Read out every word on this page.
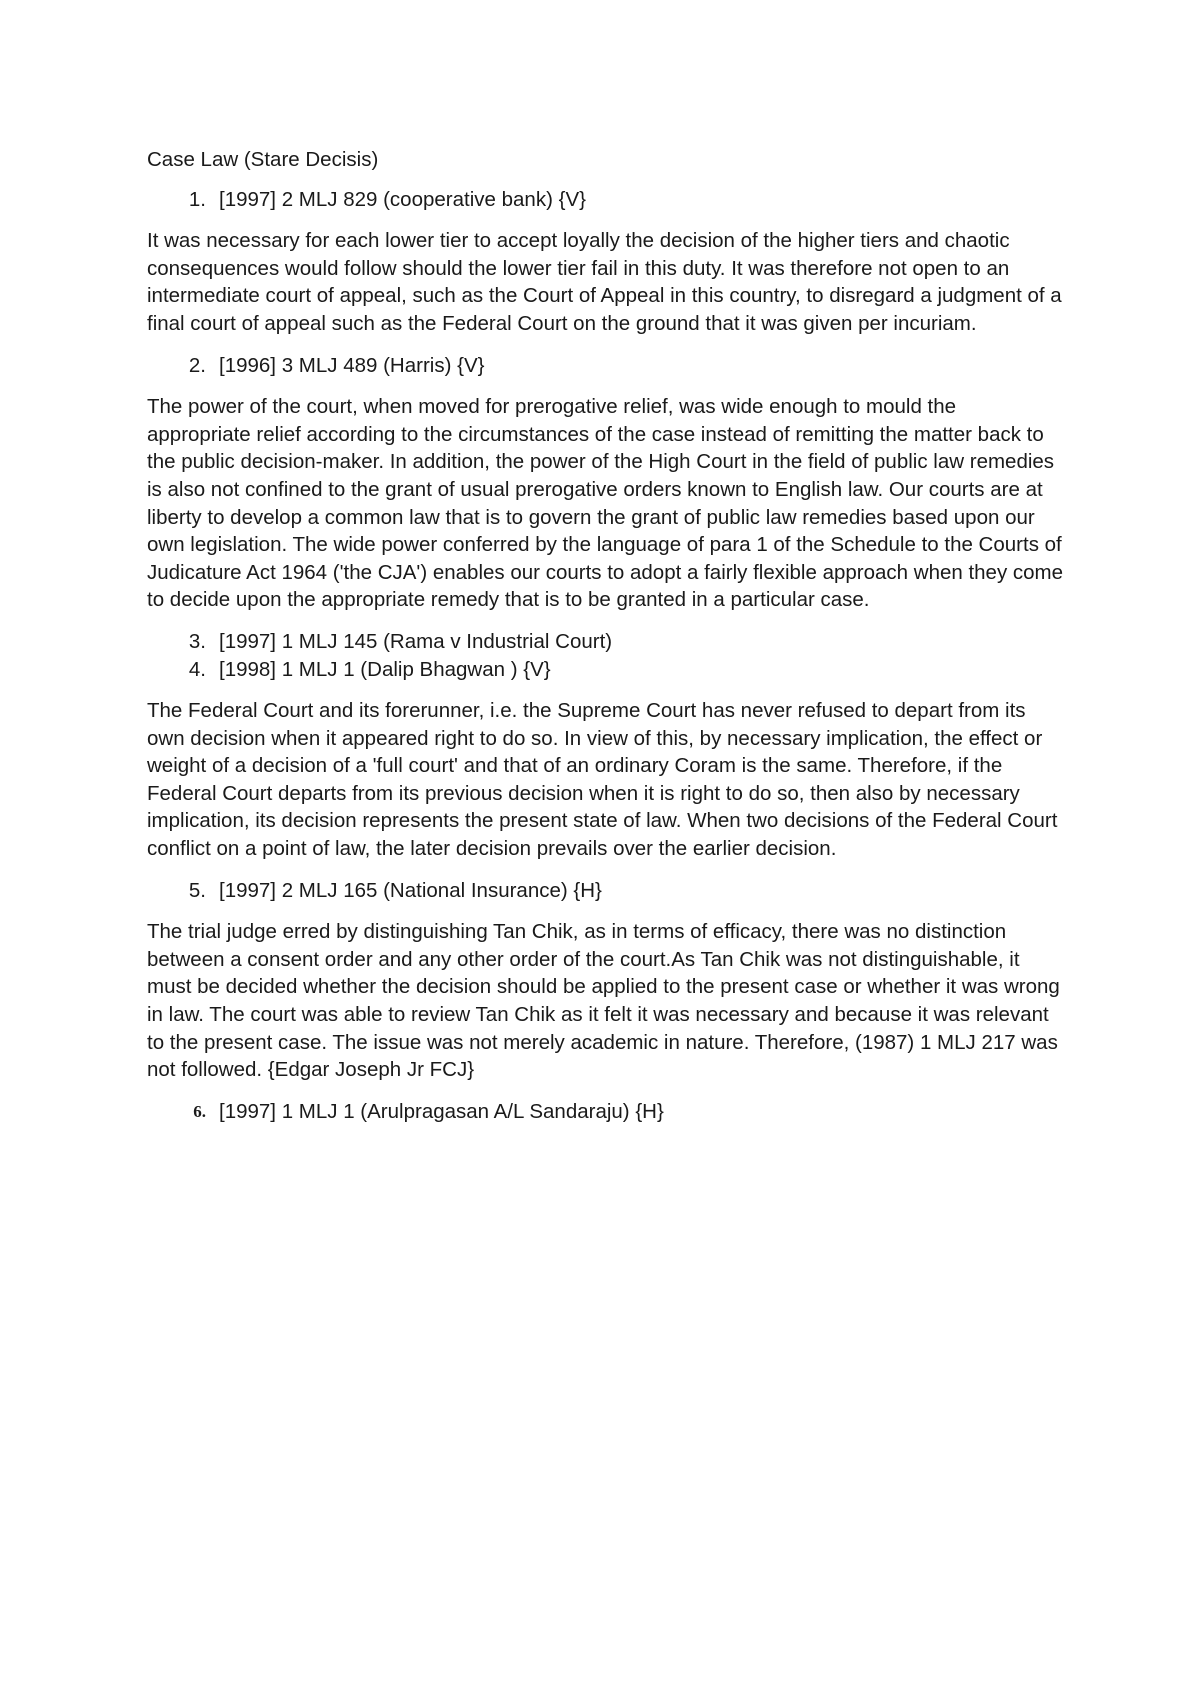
Case Law (Stare Decisis)

1. [1997] 2 MLJ 829 (cooperative bank) {V}

It was necessary for each lower tier to accept loyally the decision of the higher tiers and chaotic consequences would follow should the lower tier fail in this duty. It was therefore not open to an intermediate court of appeal, such as the Court of Appeal in this country, to disregard a judgment of a final court of appeal such as the Federal Court on the ground that it was given per incuriam.

2. [1996] 3 MLJ 489 (Harris) {V}

The power of the court, when moved for prerogative relief, was wide enough to mould the appropriate relief according to the circumstances of the case instead of remitting the matter back to the public decision-maker. In addition, the power of the High Court in the field of public law remedies is also not confined to the grant of usual prerogative orders known to English law. Our courts are at liberty to develop a common law that is to govern the grant of public law remedies based upon our own legislation. The wide power conferred by the language of para 1 of the Schedule to the Courts of Judicature Act 1964 ('the CJA') enables our courts to adopt a fairly flexible approach when they come to decide upon the appropriate remedy that is to be granted in a particular case.

3. [1997] 1 MLJ 145 (Rama v Industrial Court)
4. [1998] 1 MLJ 1 (Dalip Bhagwan ) {V}

The Federal Court and its forerunner, i.e. the Supreme Court has never refused to depart from its own decision when it appeared right to do so. In view of this, by necessary implication, the effect or weight of a decision of a 'full court' and that of an ordinary Coram is the same. Therefore, if the Federal Court departs from its previous decision when it is right to do so, then also by necessary implication, its decision represents the present state of law. When two decisions of the Federal Court conflict on a point of law, the later decision prevails over the earlier decision.

5. [1997] 2 MLJ 165 (National Insurance) {H}

The trial judge erred by distinguishing Tan Chik, as in terms of efficacy, there was no distinction between a consent order and any other order of the court.As Tan Chik was not distinguishable, it must be decided whether the decision should be applied to the present case or whether it was wrong in law. The court was able to review Tan Chik as it felt it was necessary and because it was relevant to the present case. The issue was not merely academic in nature. Therefore, (1987) 1 MLJ 217 was not followed. {Edgar Joseph Jr FCJ}

6. [1997] 1 MLJ 1 (Arulpragasan A/L Sandaraju) {H}
